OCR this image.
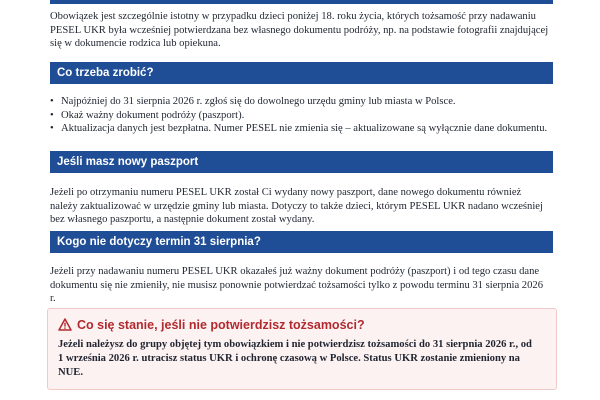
Obowiązek jest szczególnie istotny w przypadku dzieci poniżej 18. roku życia, których tożsamość przy nadawaniu PESEL UKR była wcześniej potwierdzana bez własnego dokumentu podróży, np. na podstawie fotografii znajdującej się w dokumencie rodzica lub opiekuna.

Co trzeba zrobić?
• Najpóźniej do 31 sierpnia 2026 r. zgłoś się do dowolnego urzędu gminy lub miasta w Polsce.
• Okaż ważny dokument podróży (paszport).
• Aktualizacja danych jest bezpłatna. Numer PESEL nie zmienia się – aktualizowane są wyłącznie dane dokumentu.
Jeśli masz nowy paszport

Jeżeli po otrzymaniu numeru PESEL UKR został Ci wydany nowy paszport, dane nowego dokumentu również należy zaktualizować w urzędzie gminy lub miasta. Dotyczy to także dzieci, którym PESEL UKR nadano wcześniej bez własnego paszportu, a następnie dokument został wydany.

Kogo nie dotyczy termin 31 sierpnia?

Jeżeli przy nadawaniu numeru PESEL UKR okazałeś już ważny dokument podróży (paszport) i od tego czasu dane dokumentu się nie zmieniły, nie musisz ponownie potwierdzać tożsamości tylko z powodu terminu 31 sierpnia 2026 r.

Co się stanie, jeśli nie potwierdzisz tożsamości?

Jeżeli należysz do grupy objętej tym obowiązkiem i nie potwierdzisz tożsamości do 31 sierpnia 2026 r., od 1 września 2026 r. utracisz status UKR i ochronę czasową w Polsce. Status UKR zostanie zmieniony na NUE.
